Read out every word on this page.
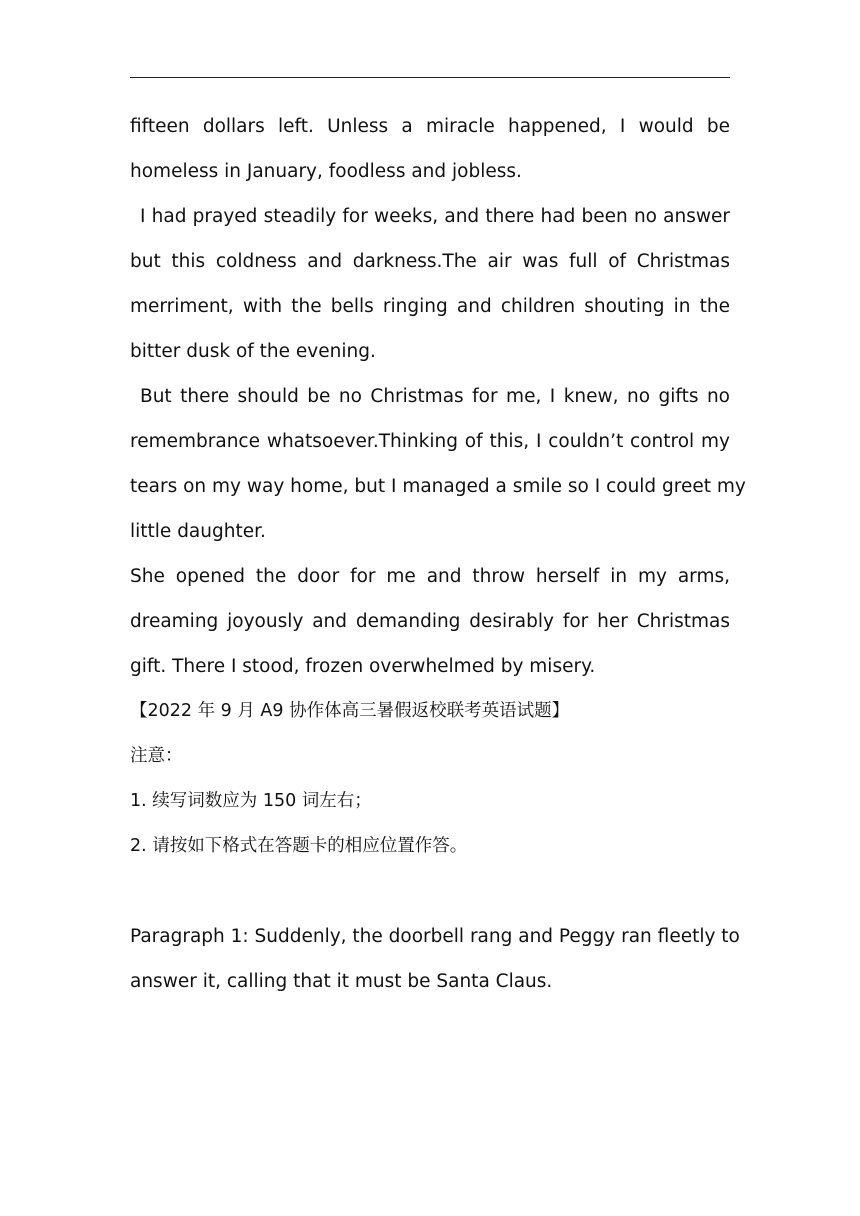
fifteen dollars left. Unless a miracle happened, I would be
homeless in January, foodless and jobless.
I had prayed steadily for weeks, and there had been no answer
but this coldness and darkness.The air was full of Christmas
merriment, with the bells ringing and children shouting in the
bitter dusk of the evening.
But there should be no Christmas for me, I knew, no gifts no
remembrance whatsoever.Thinking of this, I couldn’t control my
tears on my way home, but I managed a smile so I could greet my
little daughter.
She opened the door for me and throw herself in my arms,
dreaming joyously and demanding desirably for her Christmas
gift. There I stood, frozen overwhelmed by misery.
【2022 年 9 月 A9 协作体高三暑假返校联考英语试题】
注意：
1. 续写词数应为 150 词左右；
2. 请按如下格式在答题卡的相应位置作答。
Paragraph 1: Suddenly, the doorbell rang and Peggy ran fleetly to
answer it, calling that it must be Santa Claus.
